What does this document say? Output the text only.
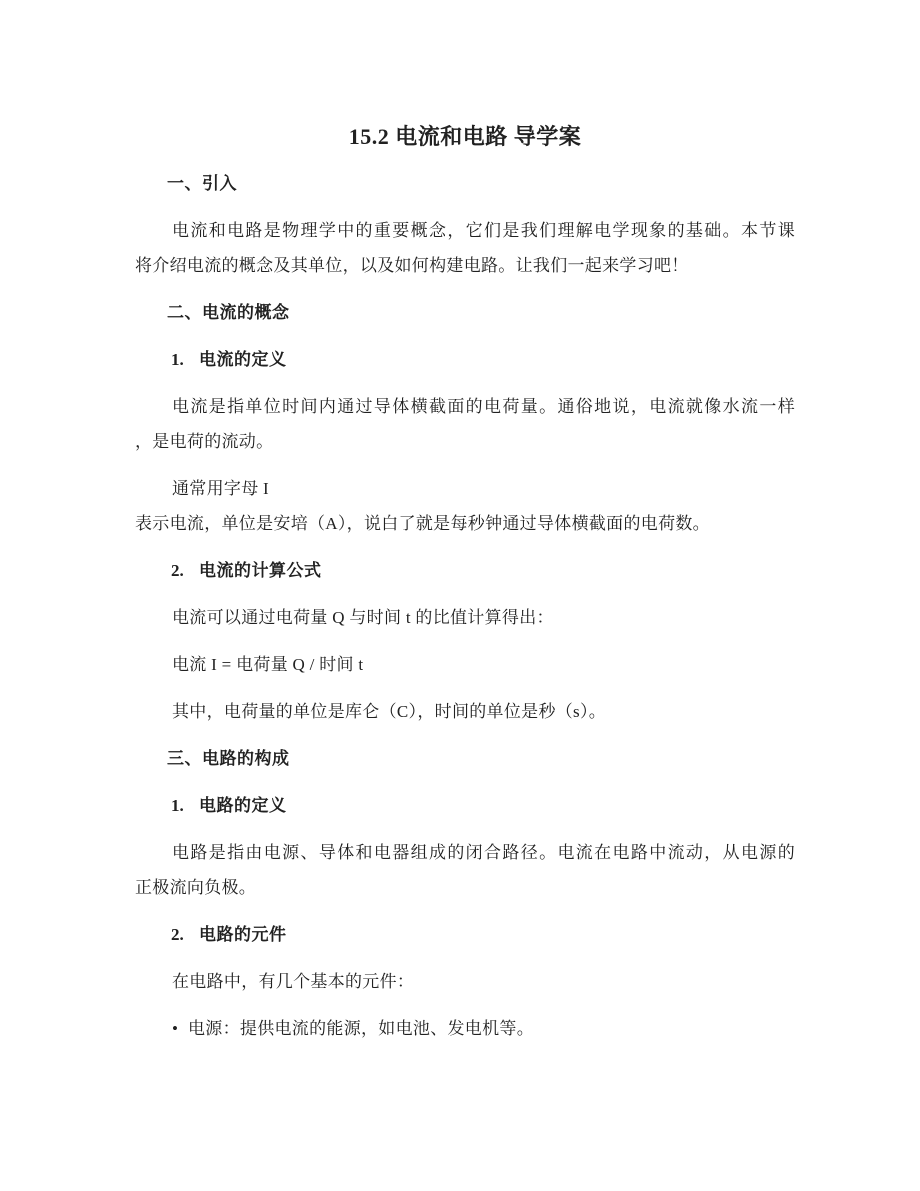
15.2 电流和电路 导学案
一、引入
电流和电路是物理学中的重要概念，它们是我们理解电学现象的基础。本节课
将介绍电流的概念及其单位，以及如何构建电路。让我们一起来学习吧！
二、电流的概念
1. 电流的定义
电流是指单位时间内通过导体横截面的电荷量。通俗地说，电流就像水流一样
，是电荷的流动。
通常用字母 I
表示电流，单位是安培（A），说白了就是每秒钟通过导体横截面的电荷数。
2. 电流的计算公式
电流可以通过电荷量 Q 与时间 t 的比值计算得出：
电流 I = 电荷量 Q / 时间 t
其中，电荷量的单位是库仑（C），时间的单位是秒（s）。
三、电路的构成
1. 电路的定义
电路是指由电源、导体和电器组成的闭合路径。电流在电路中流动，从电源的
正极流向负极。
2. 电路的元件
在电路中，有几个基本的元件：
• 电源：提供电流的能源，如电池、发电机等。
